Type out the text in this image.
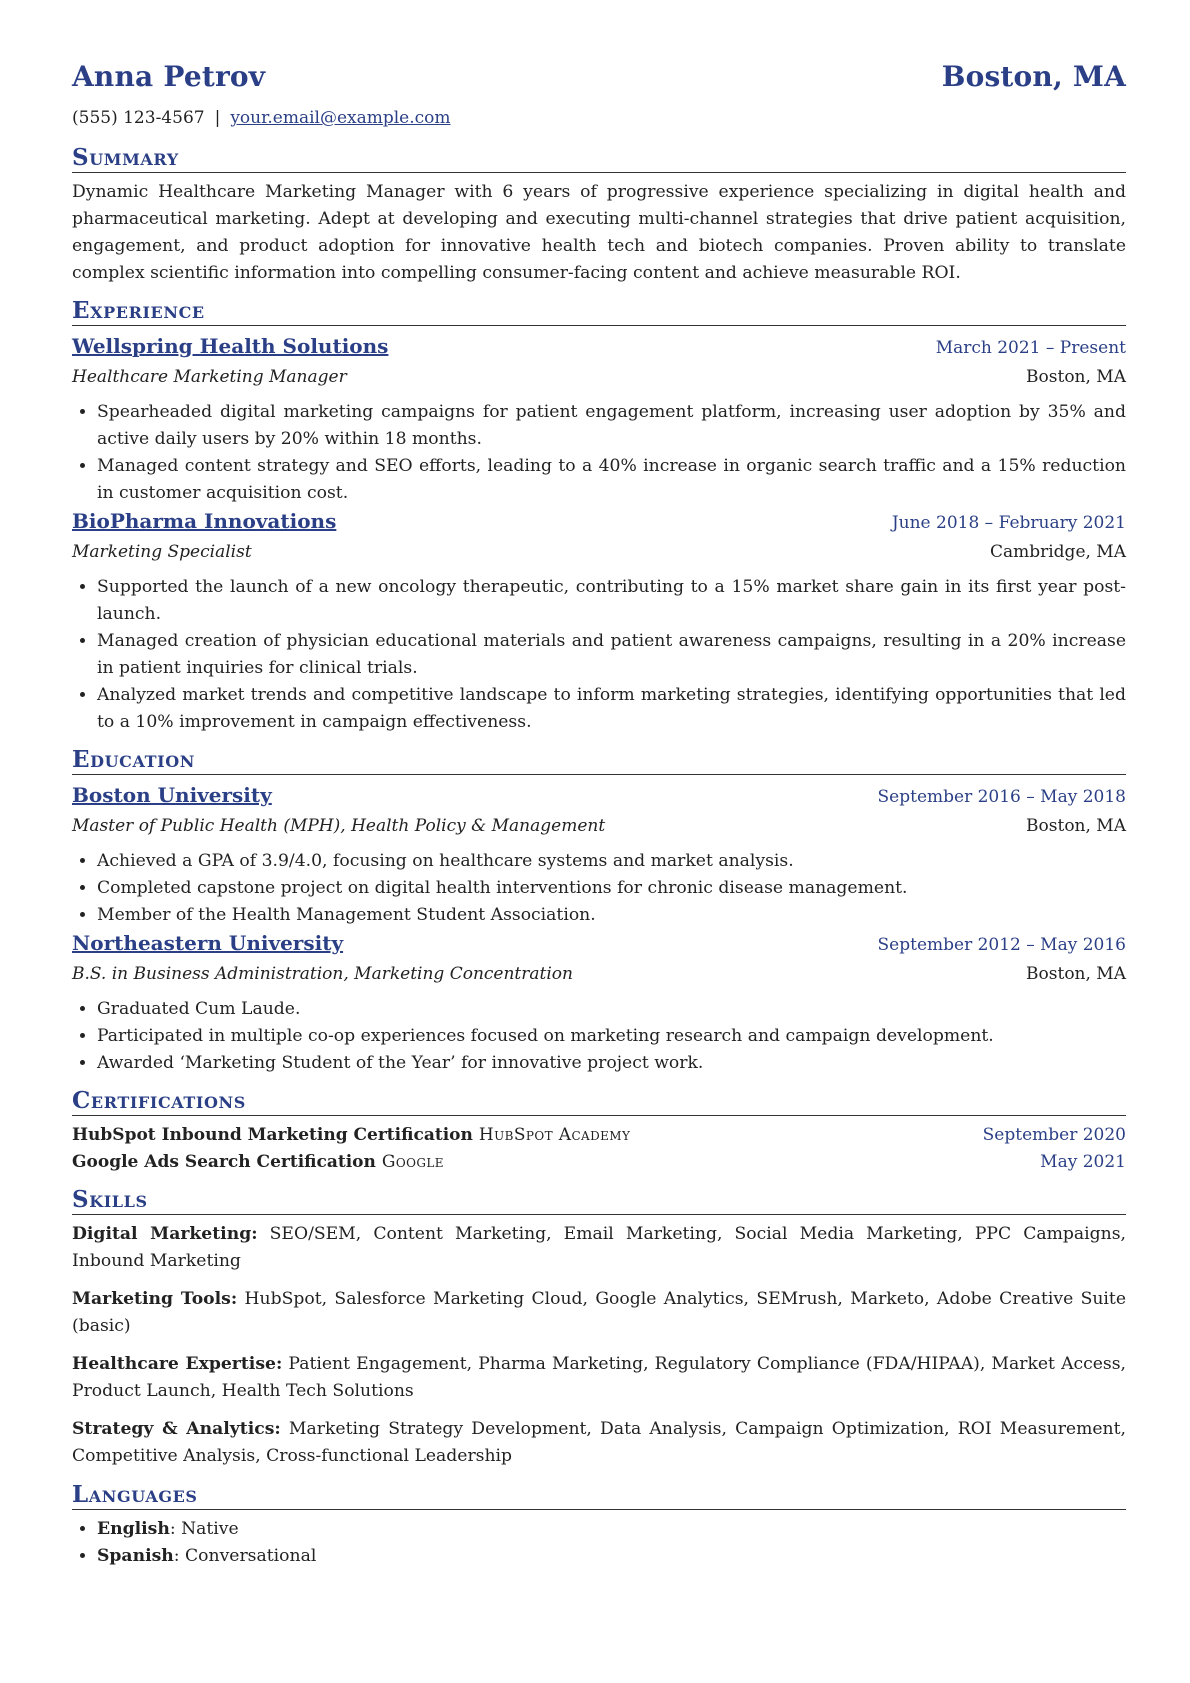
Anna Petrov	Boston, MA
(555) 123-4567 | your.email@example.com
Summary

Dynamic Healthcare Marketing Manager with 6 years of progressive experience specializing in digital health and pharmaceutical marketing. Adept at developing and executing multi-channel strategies that drive patient acquisition, engagement, and product adoption for innovative health tech and biotech companies. Proven ability to translate complex scientific information into compelling consumer-facing content and achieve measurable ROI.

Experience
Wellspring Health Solutions	March 2021 – Present
Healthcare Marketing Manager	Boston, MA
• Spearheaded digital marketing campaigns for patient engagement platform, increasing user adoption by 35% and active daily users by 20% within 18 months.
• Managed content strategy and SEO efforts, leading to a 40% increase in organic search traffic and a 15% reduction in customer acquisition cost.
BioPharma Innovations	June 2018 – February 2021
Marketing Specialist	Cambridge, MA
• Supported the launch of a new oncology therapeutic, contributing to a 15% market share gain in its first year post-launch.
• Managed creation of physician educational materials and patient awareness campaigns, resulting in a 20% increase in patient inquiries for clinical trials.
• Analyzed market trends and competitive landscape to inform marketing strategies, identifying opportunities that led to a 10% improvement in campaign effectiveness.
Education
Boston University	September 2016 – May 2018
Master of Public Health (MPH), Health Policy & Management	Boston, MA
• Achieved a GPA of 3.9/4.0, focusing on healthcare systems and market analysis.
• Completed capstone project on digital health interventions for chronic disease management.
• Member of the Health Management Student Association.
Northeastern University	September 2012 – May 2016
B.S. in Business Administration, Marketing Concentration	Boston, MA
• Graduated Cum Laude.
• Participated in multiple co-op experiences focused on marketing research and campaign development.
• Awarded ‘Marketing Student of the Year’ for innovative project work.
Certifications
HubSpot Inbound Marketing Certification HubSpot Academy	September 2020
Google Ads Search Certification Google	May 2021
Skills

Digital Marketing: SEO/SEM, Content Marketing, Email Marketing, Social Media Marketing, PPC Campaigns, Inbound Marketing

Marketing Tools: HubSpot, Salesforce Marketing Cloud, Google Analytics, SEMrush, Marketo, Adobe Creative Suite (basic)

Healthcare Expertise: Patient Engagement, Pharma Marketing, Regulatory Compliance (FDA/HIPAA), Market Access, Product Launch, Health Tech Solutions

Strategy & Analytics: Marketing Strategy Development, Data Analysis, Campaign Optimization, ROI Measurement, Competitive Analysis, Cross-functional Leadership

Languages
• English: Native
• Spanish: Conversational
